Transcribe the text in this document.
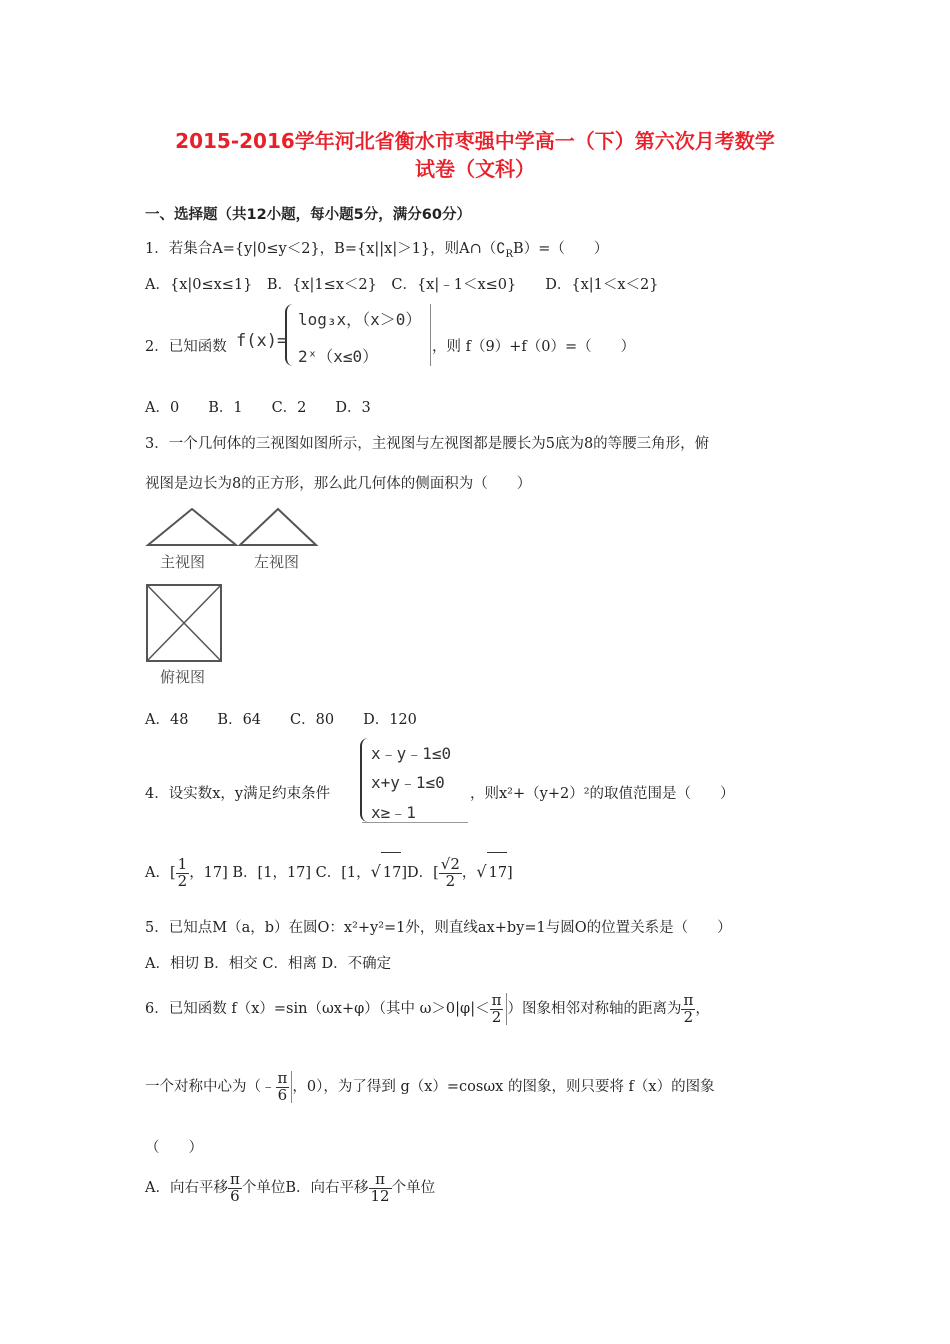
2015-2016学年河北省衡水市枣强中学高一（下）第六次月考数学
试卷（文科）
一、选择题（共12小题，每小题5分，满分60分）
1．若集合A={y|0≤y＜2}，B={x||x|＞1}，则$A\cap(∁_RB)=$（　　）
A．{x|0≤x≤1}　B．{x|1≤x＜2}　C．{x|﹣1＜x≤0}　　D．{x|1＜x＜2}
2．已知函数 f(x)=
log₃x，（x＞0）
2ˣ（x≤0）	，则 f（9）+f（0）=（　　）
A．0　　B．1　　C．2　　D．3
3．一个几何体的三视图如图所示，主视图与左视图都是腰长为5底为8的等腰三角形，俯
视图是边长为8的正方形，那么此几何体的侧面积为（　　）
主视图	左视图
俯视图
A．48　　B．64　　C．80　　D．120
4．设实数x，y满足约束条件
x﹣y﹣1≤0
x+y﹣1≤0
x≥﹣1
，则x²+（y+2）²的取值范围是（　　）
A．[ $\frac{1}{2}$ ，17] B．[1，17] C．[1，√ 17]D．[ $\frac{√2}{2}$ ，√ 17]
5．已知点M（a，b）在圆O：x²+y²=1外，则直线ax+by=1与圆O的位置关系是（　　）
A．相切 B．相交 C．相离 D．不确定
6．已知函数 f（x）=sin（ωx+φ）（其中 $\omega>0|\varphi|< \frac{\pi}{2}$ ）图象相邻对称轴的距离为 $\frac{\pi}{2}$ ，
一个对称中心为（﹣ $\frac{\pi}{6}$ ，0），为了得到 g（x）=cosωx 的图象，则只要将 f（x）的图象
（　　）
A．向右平移 $\frac{\pi}{6}$ 个单位B．向右平移 $\frac{\pi}{12}$ 个单位
